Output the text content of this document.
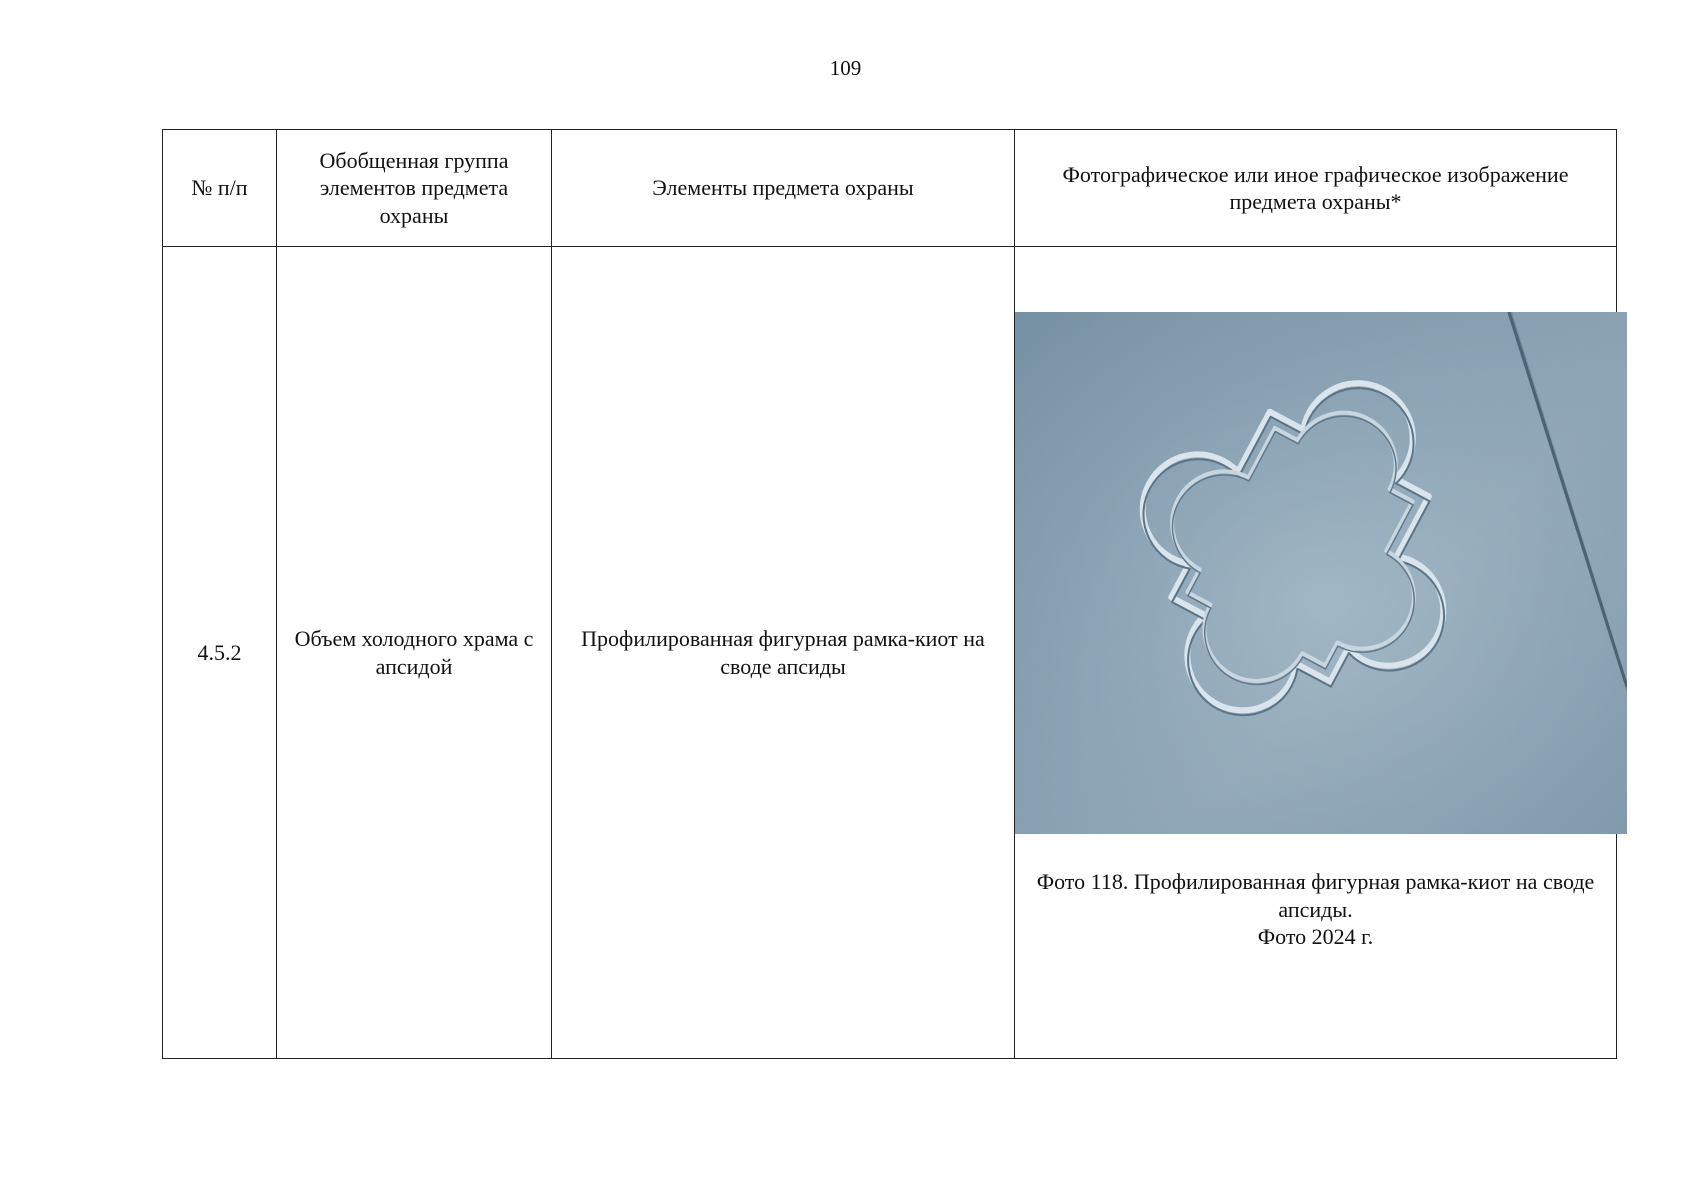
109
№ п/п	Обобщенная группа элементов предмета охраны	Элементы предмета охраны	Фотографическое или иное графическое изображение предмета охраны*
4.5.2	Объем холодного храма с апсидой	Профилированная фигурная рамка-киот на своде апсиды	Фото 118. Профилированная фигурная рамка-киот на своде апсиды.
Фото 2024 г.
